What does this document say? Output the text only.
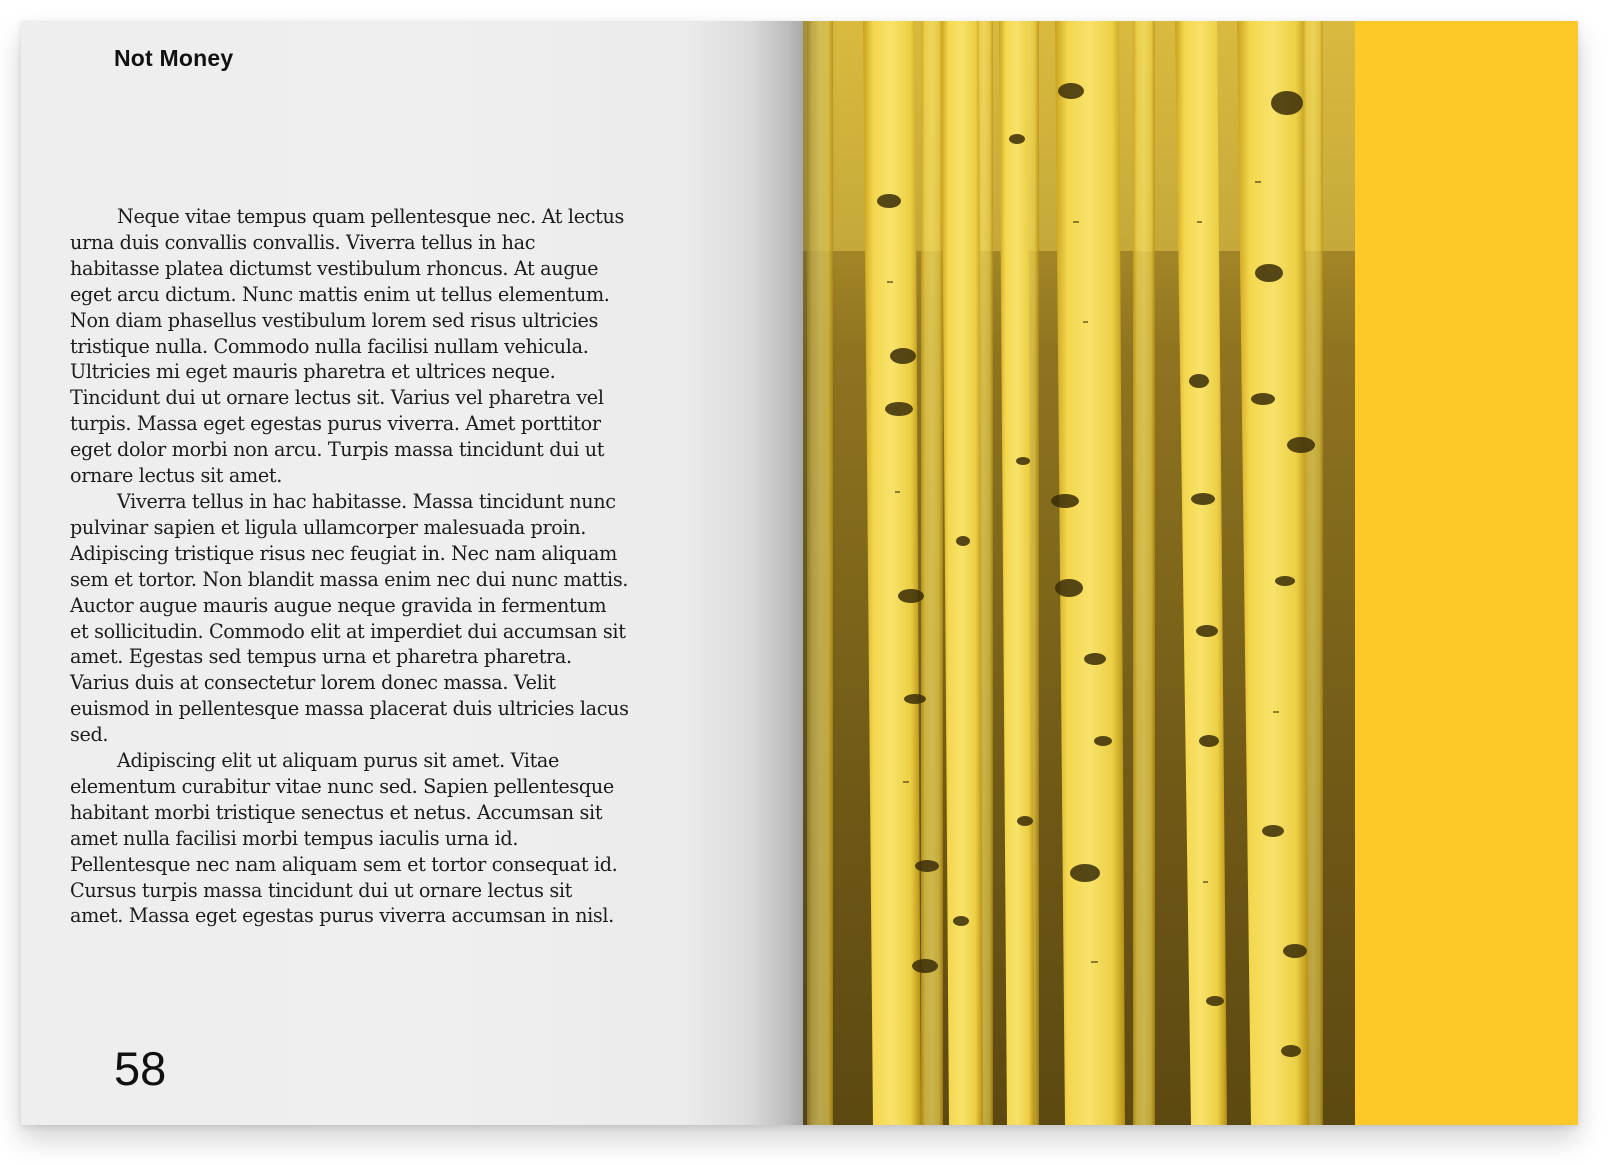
Not Money

Neque vitae tempus quam pellentesque nec. At lectus urna duis convallis convallis. Viverra tellus in hac habitasse platea dictumst vestibulum rhoncus. At augue eget arcu dictum. Nunc mattis enim ut tellus elementum. Non diam phasellus vestibulum lorem sed risus ultricies tristique nulla. Commodo nulla facilisi nullam vehicula. Ultricies mi eget mauris pharetra et ultrices neque. Tincidunt dui ut ornare lectus sit. Varius vel pharetra vel turpis. Massa eget egestas purus viverra. Amet porttitor eget dolor morbi non arcu. Turpis massa tincidunt dui ut ornare lectus sit amet.

Viverra tellus in hac habitasse. Massa tincidunt nunc pulvinar sapien et ligula ullamcorper malesuada proin. Adipiscing tristique risus nec feugiat in. Nec nam aliquam sem et tortor. Non blandit massa enim nec dui nunc mattis. Auctor augue mauris augue neque gravida in fermentum et sollicitudin. Commodo elit at imperdiet dui accumsan sit amet. Egestas sed tempus urna et pharetra pharetra. Varius duis at consectetur lorem donec massa. Velit euismod in pellentesque massa placerat duis ultricies lacus sed.

Adipiscing elit ut aliquam purus sit amet. Vitae elementum curabitur vitae nunc sed. Sapien pellentesque habitant morbi tristique senectus et netus. Accumsan sit amet nulla facilisi morbi tempus iaculis urna id. Pellentesque nec nam aliquam sem et tortor consequat id. Cursus turpis massa tincidunt dui ut ornare lectus sit amet. Massa eget egestas purus viverra accumsan in nisl.

58
